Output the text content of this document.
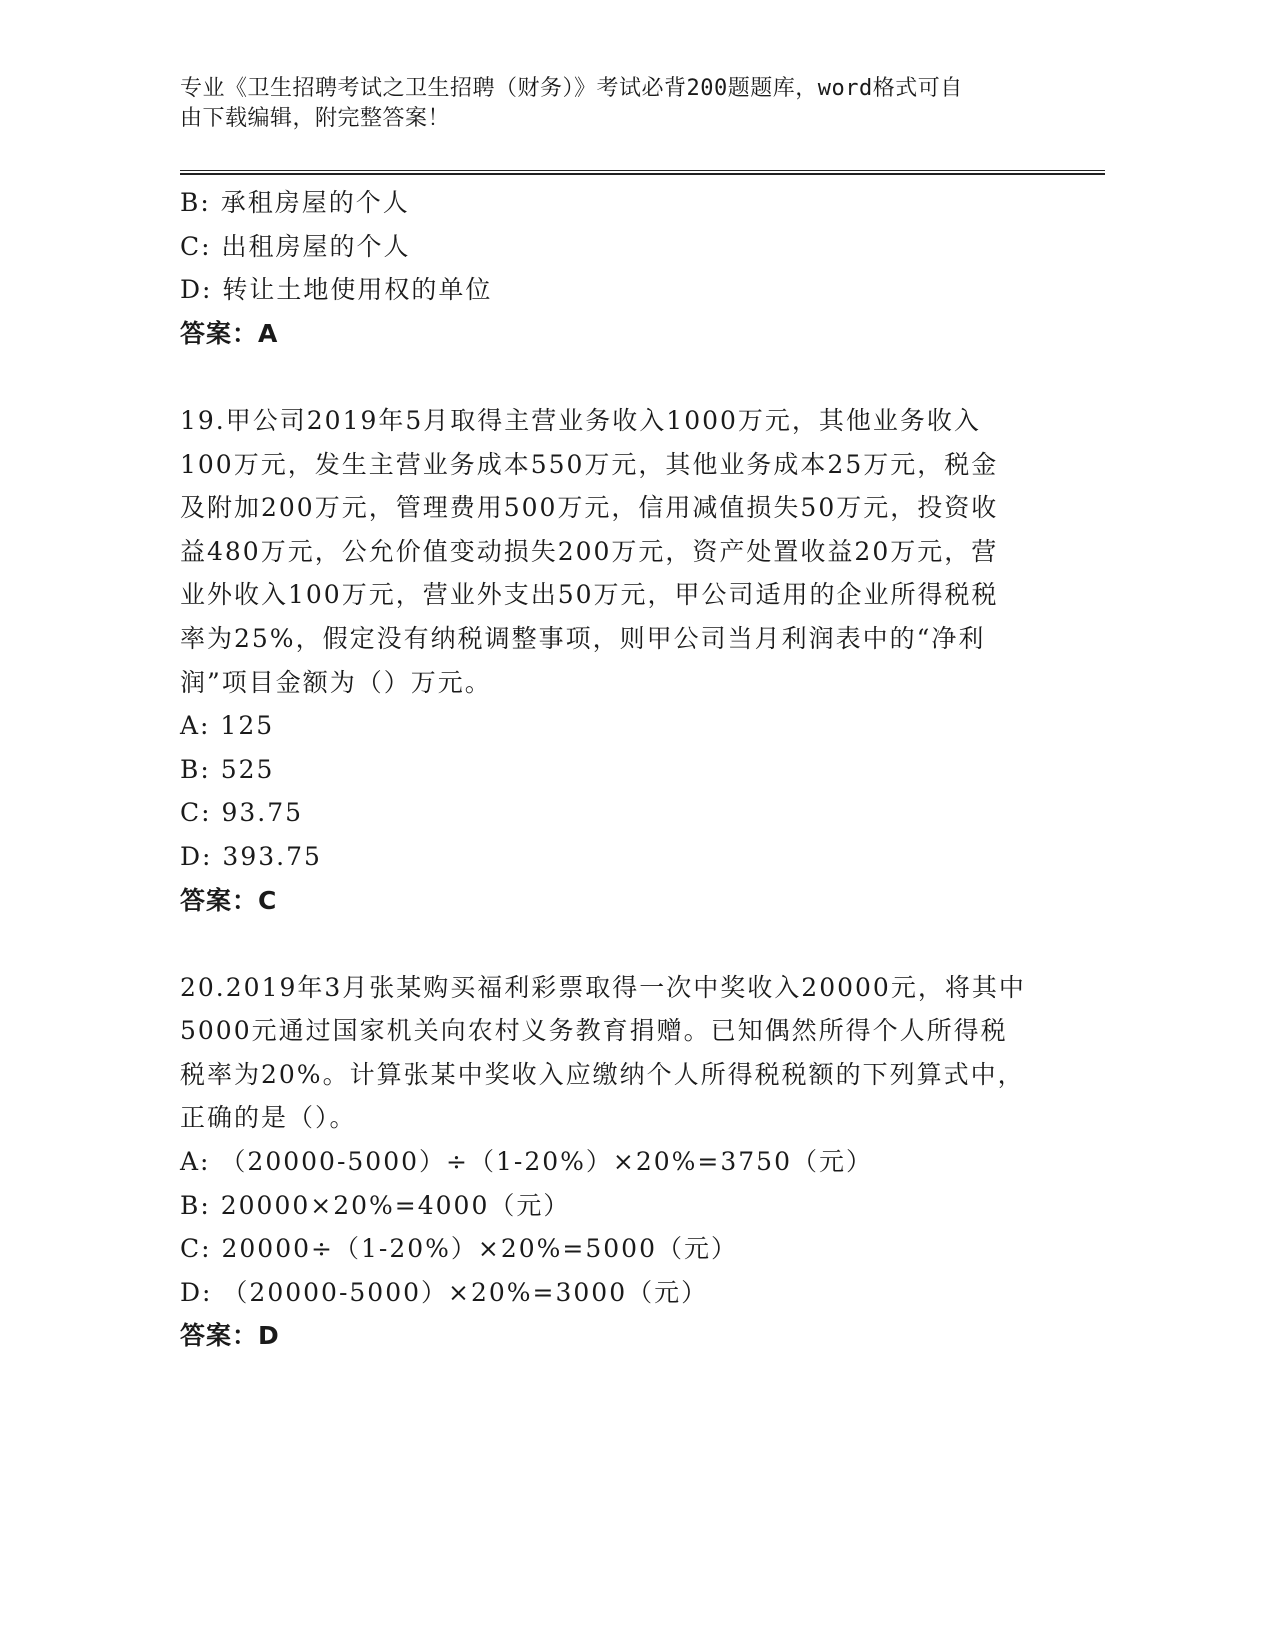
专业《卫生招聘考试之卫生招聘（财务）》考试必背200题题库，word格式可自
由下载编辑，附完整答案！
B: 承租房屋的个人
C: 出租房屋的个人
D: 转让土地使用权的单位
答案：A
19.甲公司2019年5月取得主营业务收入1000万元，其他业务收入
100万元，发生主营业务成本550万元，其他业务成本25万元，税金
及附加200万元，管理费用500万元，信用减值损失50万元，投资收
益480万元，公允价值变动损失200万元，资产处置收益20万元，营
业外收入100万元，营业外支出50万元，甲公司适用的企业所得税税
率为25%，假定没有纳税调整事项，则甲公司当月利润表中的“净利
润”项目金额为（）万元。
A: 125
B: 525
C: 93.75
D: 393.75
答案：C
20.2019年3月张某购买福利彩票取得一次中奖收入20000元，将其中
5000元通过国家机关向农村义务教育捐赠。已知偶然所得个人所得税
税率为20%。计算张某中奖收入应缴纳个人所得税税额的下列算式中，
正确的是（）。
A: （20000-5000）÷（1-20%）×20%=3750（元）
B: 20000×20%=4000（元）
C: 20000÷（1-20%）×20%=5000（元）
D: （20000-5000）×20%=3000（元）
答案：D
